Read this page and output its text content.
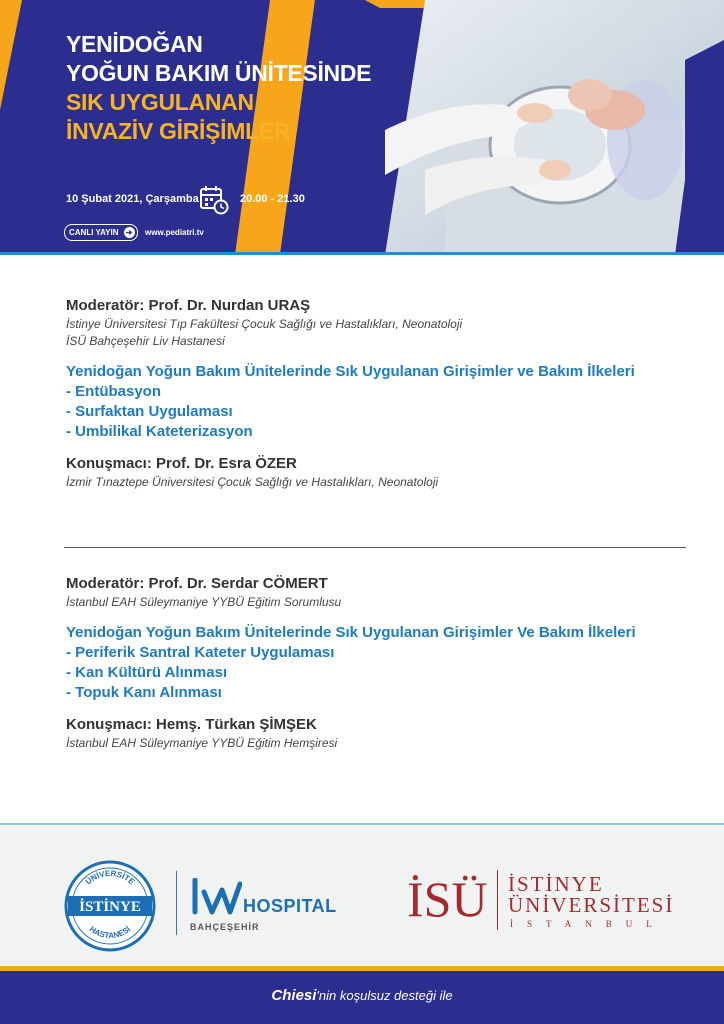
YENİDOĞAN
YOĞUN BAKIM ÜNİTESİNDE
SIK UYGULANAN
İNVAZİV GİRİŞİMLER
10 Şubat 2021, Çarşamba	20.00 - 21.30
CANLI YAYIN ➜ www.pediatri.tv

Moderatör: Prof. Dr. Nurdan URAŞ

İstinye Üniversitesi Tıp Fakültesi Çocuk Sağlığı ve Hastalıkları, Neonatoloji

İSÜ Bahçeşehir Liv Hastanesi

Yenidoğan Yoğun Bakım Ünitelerinde Sık Uygulanan Girişimler ve Bakım İlkeleri

- Entübasyon

- Surfaktan Uygulaması

- Umbilikal Kateterizasyon

Konuşmacı: Prof. Dr. Esra ÖZER

İzmir Tınaztepe Üniversitesi Çocuk Sağlığı ve Hastalıkları, Neonatoloji

Moderatör: Prof. Dr. Serdar CÖMERT

İstanbul EAH Süleymaniye YYBÜ Eğitim Sorumlusu

Yenidoğan Yoğun Bakım Ünitelerinde Sık Uygulanan Girişimler Ve Bakım İlkeleri

- Periferik Santral Kateter Uygulaması

- Kan Kültürü Alınması

- Topuk Kanı Alınması

Konuşmacı: Hemş. Türkan ŞİMŞEK

İstanbul EAH Süleymaniye YYBÜ Eğitim Hemşiresi

ÜNİVERSİTE
HASTANESİ
İSTİNYE	HOSPITAL
BAHÇEŞEHİR	İSÜ İSTİNYE
ÜNİVERSİTESİ
İSTANBUL
Chiesi'nin koşulsuz desteği ile
